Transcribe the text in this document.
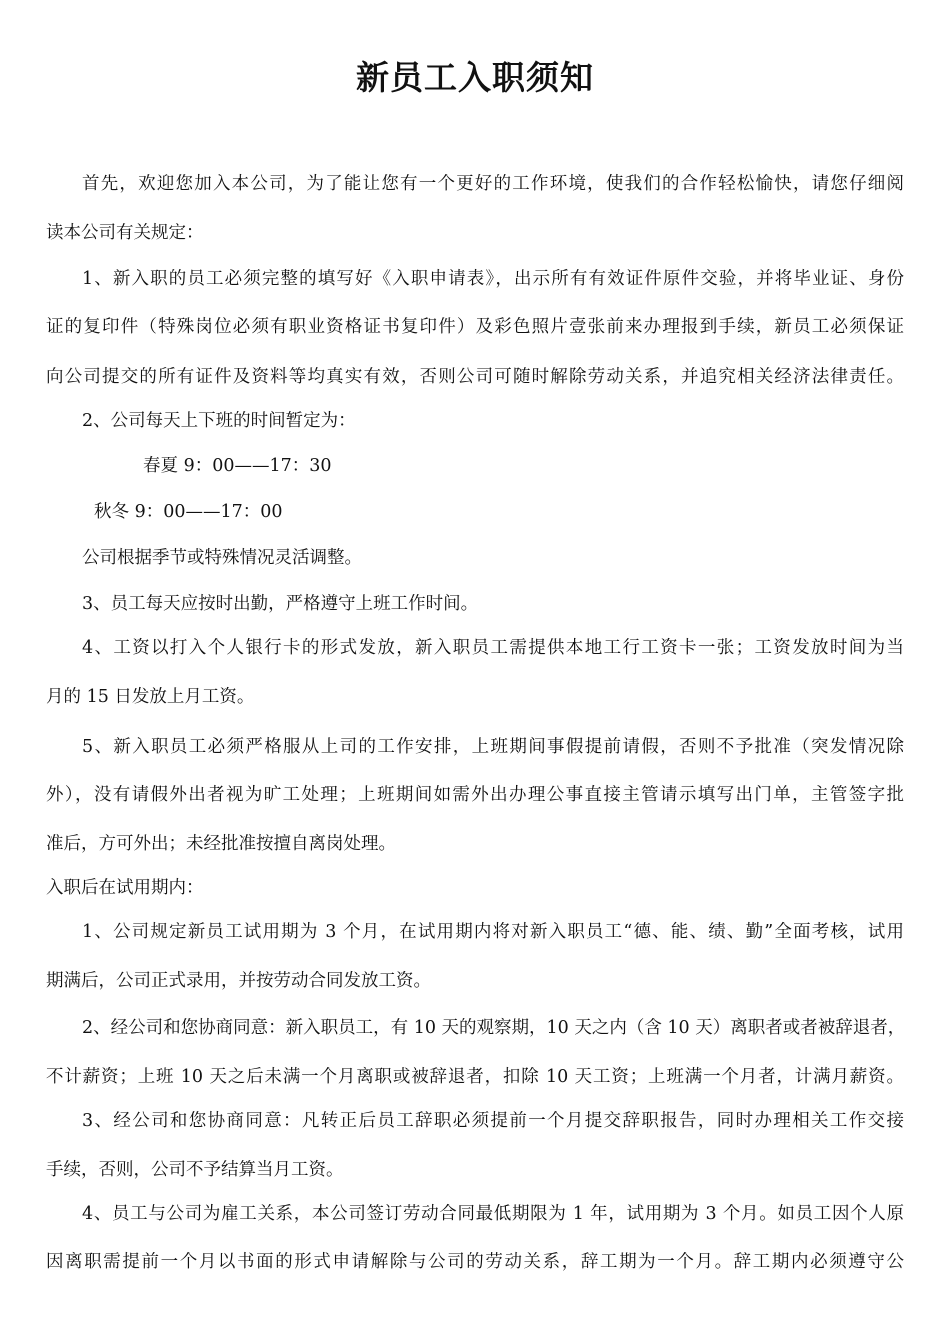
新员工入职须知
首先，欢迎您加入本公司，为了能让您有一个更好的工作环境，使我们的合作轻松愉快，请您仔细阅
读本公司有关规定：
1、新入职的员工必须完整的填写好《入职申请表》，出示所有有效证件原件交验，并将毕业证、身份
证的复印件（特殊岗位必须有职业资格证书复印件）及彩色照片壹张前来办理报到手续，新员工必须保证
向公司提交的所有证件及资料等均真实有效，否则公司可随时解除劳动关系，并追究相关经济法律责任。
2、公司每天上下班的时间暂定为：
春夏 9：00——17：30
秋冬 9：00——17：00
公司根据季节或特殊情况灵活调整。
3、员工每天应按时出勤，严格遵守上班工作时间。
4、工资以打入个人银行卡的形式发放，新入职员工需提供本地工行工资卡一张；工资发放时间为当
月的 15 日发放上月工资。
5、新入职员工必须严格服从上司的工作安排，上班期间事假提前请假，否则不予批准（突发情况除
外），没有请假外出者视为旷工处理；上班期间如需外出办理公事直接主管请示填写出门单，主管签字批
准后，方可外出；未经批准按擅自离岗处理。
入职后在试用期内：
1、公司规定新员工试用期为 3 个月，在试用期内将对新入职员工“德、能、绩、勤”全面考核，试用
期满后，公司正式录用，并按劳动合同发放工资。
2、经公司和您协商同意：新入职员工，有 10 天的观察期，10 天之内（含 10 天）离职者或者被辞退者，
不计薪资；上班 10 天之后未满一个月离职或被辞退者，扣除 10 天工资；上班满一个月者，计满月薪资。
3、经公司和您协商同意：凡转正后员工辞职必须提前一个月提交辞职报告，同时办理相关工作交接
手续，否则，公司不予结算当月工资。
4、员工与公司为雇工关系，本公司签订劳动合同最低期限为 1 年，试用期为 3 个月。如员工因个人原
因离职需提前一个月以书面的形式申请解除与公司的劳动关系，辞工期为一个月。辞工期内必须遵守公
